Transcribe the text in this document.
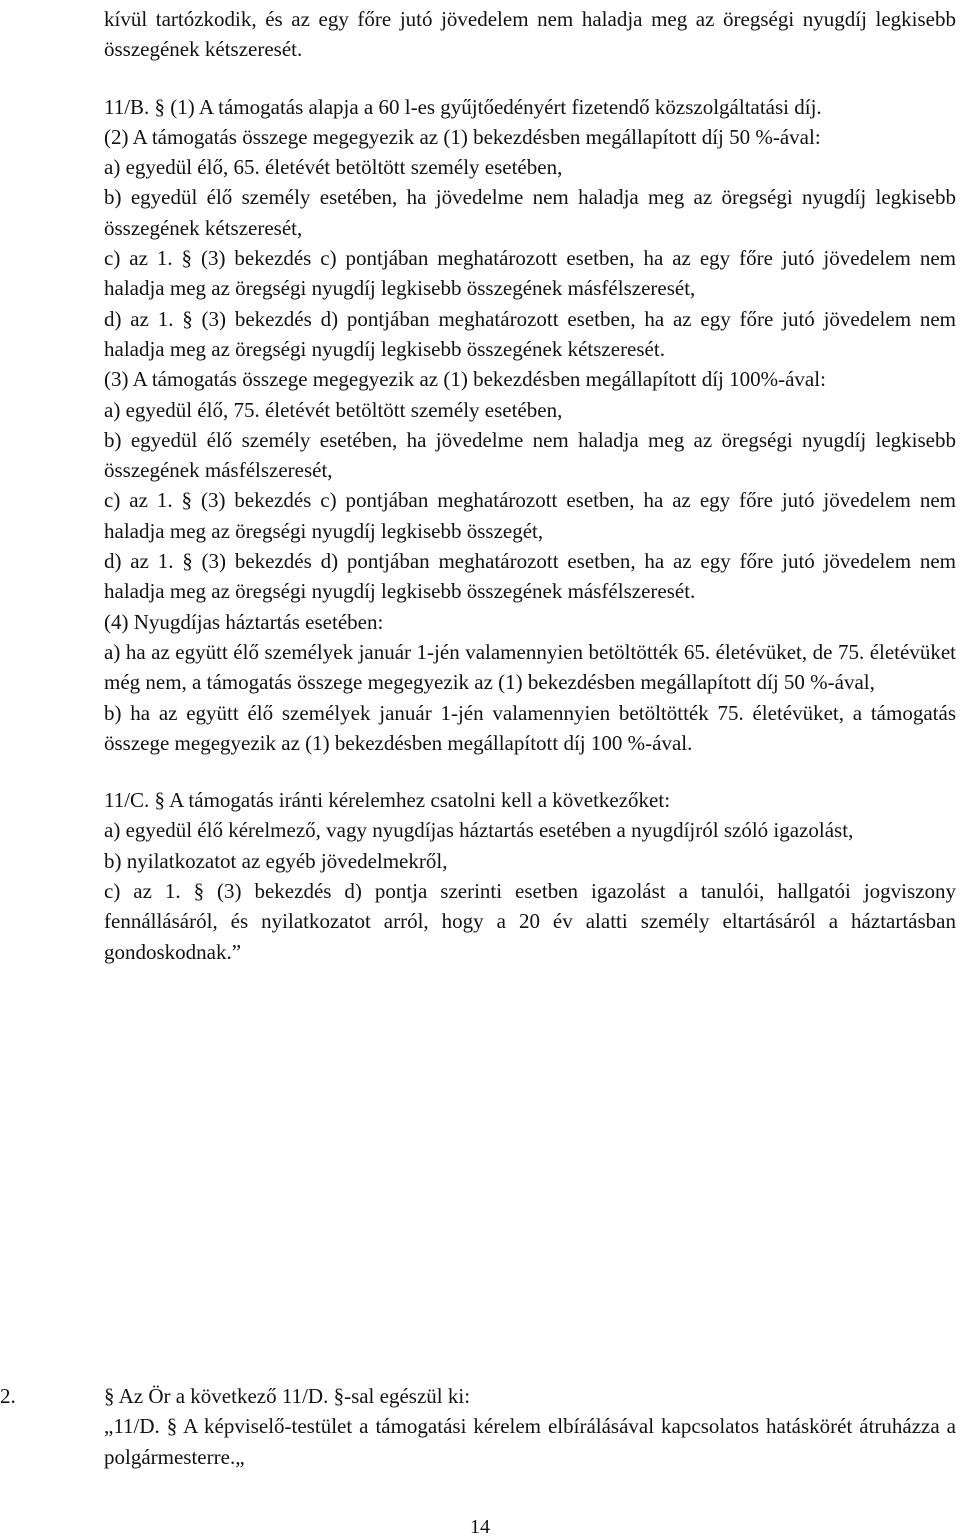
kívül tartózkodik, és az egy főre jutó jövedelem nem haladja meg az öregségi nyugdíj legkisebb összegének kétszeresét.

11/B. § (1) A támogatás alapja a 60 l-es gyűjtőedényért fizetendő közszolgáltatási díj.

(2) A támogatás összege megegyezik az (1) bekezdésben megállapított díj 50 %-ával:

a) egyedül élő, 65. életévét betöltött személy esetében,

b) egyedül élő személy esetében, ha jövedelme nem haladja meg az öregségi nyugdíj legkisebb összegének kétszeresét,

c) az 1. § (3) bekezdés c) pontjában meghatározott esetben, ha az egy főre jutó jövedelem nem haladja meg az öregségi nyugdíj legkisebb összegének másfélszeresét,

d) az 1. § (3) bekezdés d) pontjában meghatározott esetben, ha az egy főre jutó jövedelem nem haladja meg az öregségi nyugdíj legkisebb összegének kétszeresét.

(3) A támogatás összege megegyezik az (1) bekezdésben megállapított díj 100%-ával:

a) egyedül élő, 75. életévét betöltött személy esetében,

b) egyedül élő személy esetében, ha jövedelme nem haladja meg az öregségi nyugdíj legkisebb összegének másfélszeresét,

c) az 1. § (3) bekezdés c) pontjában meghatározott esetben, ha az egy főre jutó jövedelem nem haladja meg az öregségi nyugdíj legkisebb összegét,

d) az 1. § (3) bekezdés d) pontjában meghatározott esetben, ha az egy főre jutó jövedelem nem haladja meg az öregségi nyugdíj legkisebb összegének másfélszeresét.

(4) Nyugdíjas háztartás esetében:

a) ha az együtt élő személyek január 1-jén valamennyien betöltötték 65. életévüket, de 75. életévüket még nem, a támogatás összege megegyezik az (1) bekezdésben megállapított díj 50 %-ával,

b) ha az együtt élő személyek január 1-jén valamennyien betöltötték 75. életévüket, a támogatás összege megegyezik az (1) bekezdésben megállapított díj 100 %-ával.

11/C. § A támogatás iránti kérelemhez csatolni kell a következőket:

a) egyedül élő kérelmező, vagy nyugdíjas háztartás esetében a nyugdíjról szóló igazolást,

b) nyilatkozatot az egyéb jövedelmekről,

c) az 1. § (3) bekezdés d) pontja szerinti esetben igazolást a tanulói, hallgatói jogviszony fennállásáról, és nyilatkozatot arról, hogy a 20 év alatti személy eltartásáról a háztartásban gondoskodnak.”

2.	§ Az Ör a következő 11/D. §-sal egészül ki:

„11/D. § A képviselő-testület a támogatási kérelem elbírálásával kapcsolatos hatáskörét átruházza a polgármesterre.„

14
